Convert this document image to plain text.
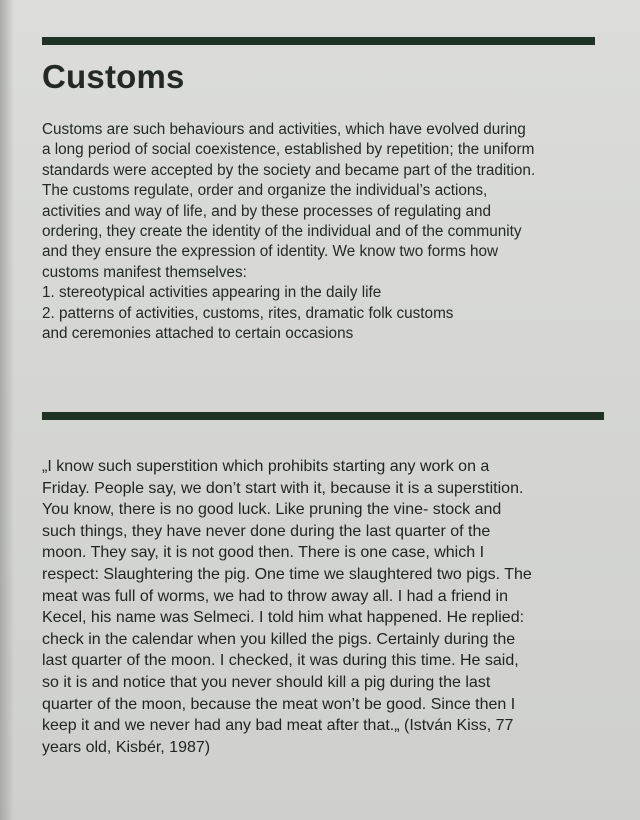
Customs
Customs are such behaviours and activities, which have evolved during
a long period of social coexistence, established by repetition; the uniform
standards were accepted by the society and became part of the tradition.
The customs regulate, order and organize the individual’s actions,
activities and way of life, and by these processes of regulating and
ordering, they create the identity of the individual and of the community
and they ensure the expression of identity. We know two forms how
customs manifest themselves:
1. stereotypical activities appearing in the daily life
2. patterns of activities, customs, rites, dramatic folk customs
and ceremonies attached to certain occasions
„I know such superstition which prohibits starting any work on a
Friday. People say, we don’t start with it, because it is a superstition.
You know, there is no good luck. Like pruning the vine- stock and
such things, they have never done during the last quarter of the
moon. They say, it is not good then. There is one case, which I
respect: Slaughtering the pig. One time we slaughtered two pigs. The
meat was full of worms, we had to throw away all. I had a friend in
Kecel, his name was Selmeci. I told him what happened. He replied:
check in the calendar when you killed the pigs. Certainly during the
last quarter of the moon. I checked, it was during this time. He said,
so it is and notice that you never should kill a pig during the last
quarter of the moon, because the meat won’t be good. Since then I
keep it and we never had any bad meat after that.„ (István Kiss, 77
years old, Kisbér, 1987)
